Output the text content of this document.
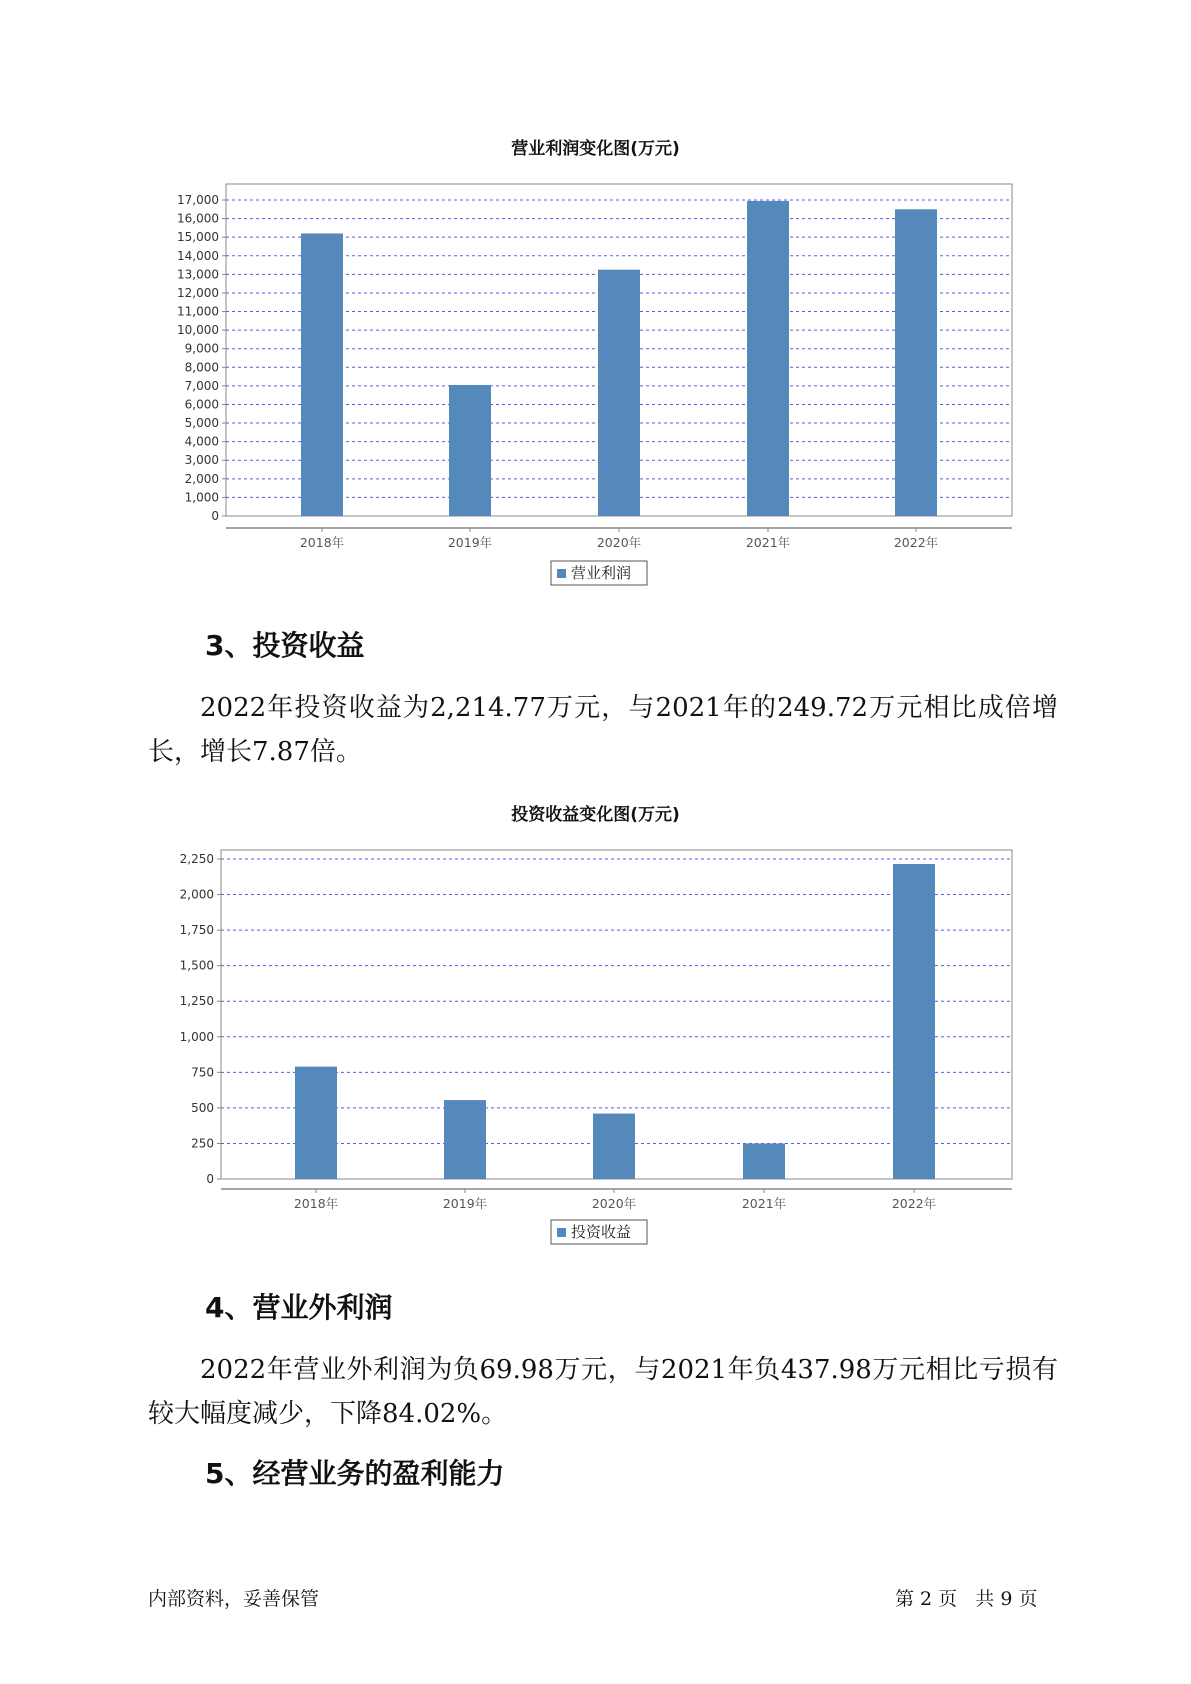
营业利润变化图(万元)
0
1,000
2,000
3,000
4,000
5,000
6,000
7,000
8,000
9,000
10,000
11,000
12,000
13,000
14,000
15,000
16,000
17,000
2018年	2019年	2020年	2021年	2022年
营业利润
3、投资收益

2022年投资收益为2,214.77万元，与2021年的249.72万元相比成倍增长，增长7.87倍。

投资收益变化图(万元)
0
250
500
750
1,000
1,250
1,500
1,750
2,000
2,250
2018年	2019年	2020年	2021年	2022年
投资收益
4、营业外利润

2022年营业外利润为负69.98万元，与2021年负437.98万元相比亏损有较大幅度减少，下降84.02%。

5、经营业务的盈利能力
内部资料，妥善保管	第 2 页   共 9 页
